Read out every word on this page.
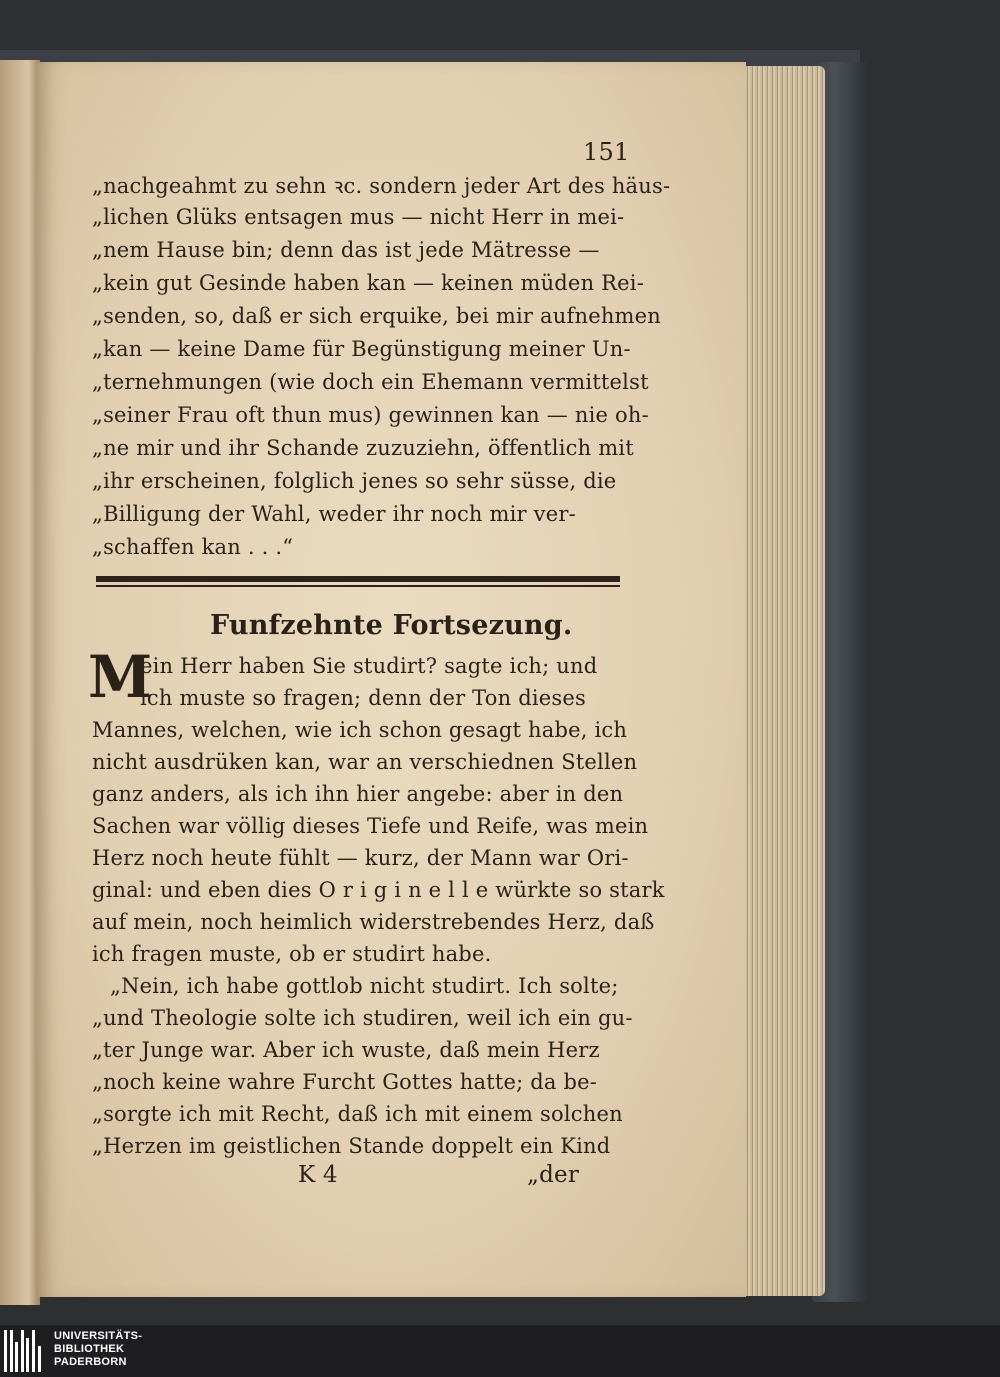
151
„nachgeahmt zu sehn ꝛc. sondern jeder Art des häus-
„lichen Glüks entsagen mus — nicht Herr in mei-
„nem Hause bin; denn das ist jede Mätresse —
„kein gut Gesinde haben kan — keinen müden Rei-
„senden, so, daß er sich erquike, bei mir aufnehmen
„kan — keine Dame für Begünstigung meiner Un-
„ternehmungen (wie doch ein Ehemann vermittelst
„seiner Frau oft thun mus) gewinnen kan — nie oh-
„ne mir und ihr Schande zuzuziehn, öffentlich mit
„ihr erscheinen, folglich jenes so sehr süsse, die
„Billigung der Wahl, weder ihr noch mir ver-
„schaffen kan . . .“
Funfzehnte Fortsezung.
M
ein Herr haben Sie studirt? sagte ich; und
ich muste so fragen; denn der Ton dieses
Mannes, welchen, wie ich schon gesagt habe, ich
nicht ausdrüken kan, war an verschiednen Stellen
ganz anders, als ich ihn hier angebe: aber in den
Sachen war völlig dieses Tiefe und Reife, was mein
Herz noch heute fühlt — kurz, der Mann war Ori-
ginal: und eben dies O r i g i n e l l e würkte so stark
auf mein, noch heimlich widerstrebendes Herz, daß
ich fragen muste, ob er studirt habe.
„Nein, ich habe gottlob nicht studirt. Ich solte;
„und Theologie solte ich studiren, weil ich ein gu-
„ter Junge war. Aber ich wuste, daß mein Herz
„noch keine wahre Furcht Gottes hatte; da be-
„sorgte ich mit Recht, daß ich mit einem solchen
„Herzen im geistlichen Stande doppelt ein Kind
K 4	„der
UNIVERSITÄTS-
BIBLIOTHEK
PADERBORN
